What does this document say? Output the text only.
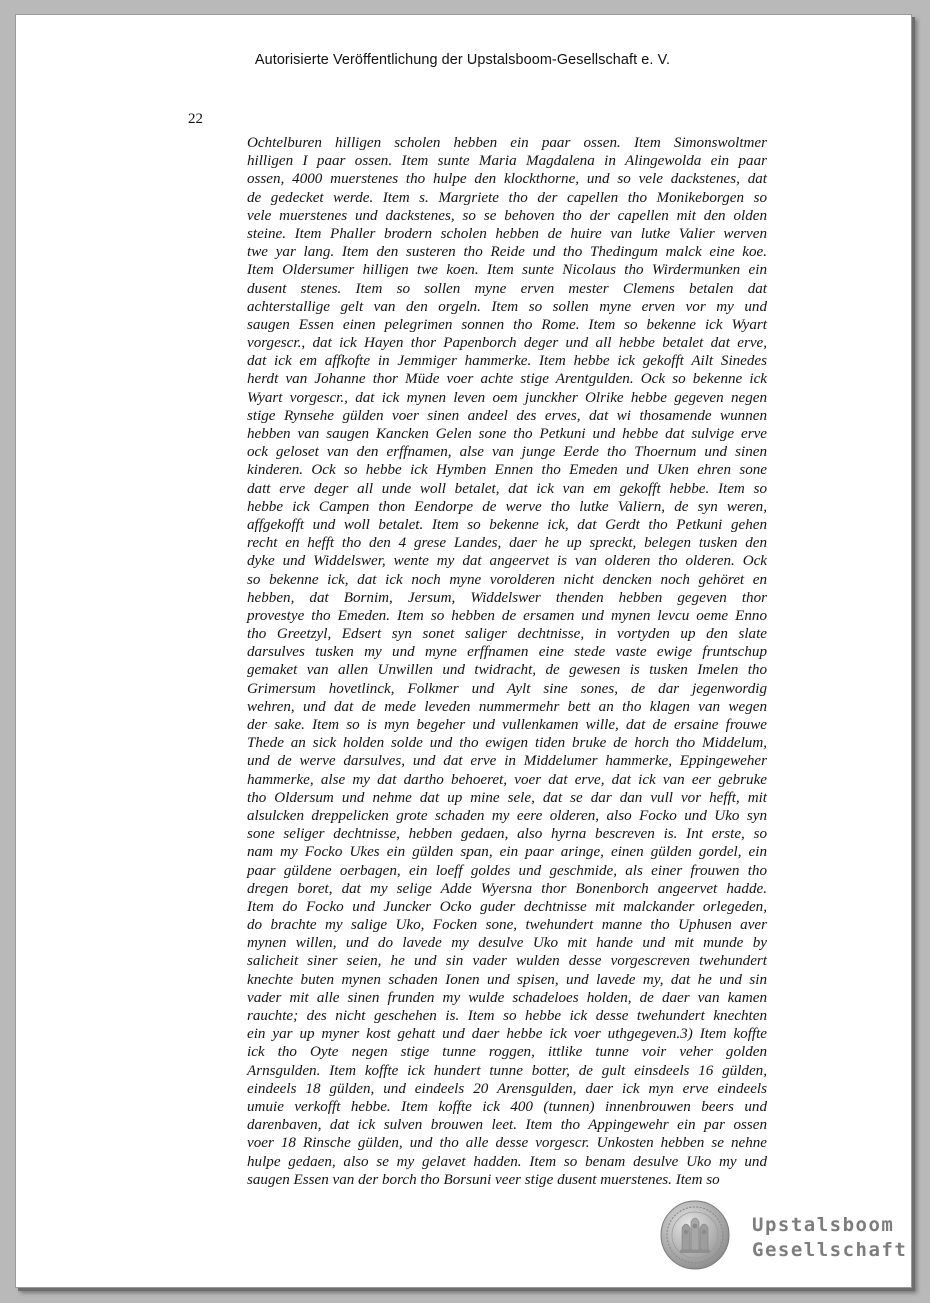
Autorisierte Veröffentlichung der Upstalsboom-Gesellschaft e. V.
22
Ochtelburen hilligen scholen hebben ein paar ossen. Item Simonswoltmer
hilligen I paar ossen. Item sunte Maria Magdalena in Alingewolda ein paar
ossen, 4000 muerstenes tho hulpe den klockthorne, und so vele dackstenes, dat
de gedecket werde. Item s. Margriete tho der capellen tho Monikeborgen so
vele muerstenes und dackstenes, so se behoven tho der capellen mit den olden
steine. Item Phaller brodern scholen hebben de huire van lutke Valier werven
twe yar lang. Item den susteren tho Reide und tho Thedingum malck eine koe.
Item Oldersumer hilligen twe koen. Item sunte Nicolaus tho Wirdermunken ein
dusent stenes. Item so sollen myne erven mester Clemens betalen dat
achterstallige gelt van den orgeln. Item so sollen myne erven vor my und
saugen Essen einen pelegrimen sonnen tho Rome. Item so bekenne ick Wyart
vorgescr., dat ick Hayen thor Papenborch deger und all hebbe betalet dat erve,
dat ick em affkofte in Jemmiger hammerke. Item hebbe ick gekofft Ailt Sinedes
herdt van Johanne thor Müde voer achte stige Arentgulden. Ock so bekenne ick
Wyart vorgescr., dat ick mynen leven oem junckher Olrike hebbe gegeven negen
stige Rynsehe gülden voer sinen andeel des erves, dat wi thosamende wunnen
hebben van saugen Kancken Gelen sone tho Petkuni und hebbe dat sulvige erve
ock geloset van den erffnamen, alse van junge Eerde tho Thoernum und sinen
kinderen. Ock so hebbe ick Hymben Ennen tho Emeden und Uken ehren sone
datt erve deger all unde woll betalet, dat ick van em gekofft hebbe. Item so
hebbe ick Campen thon Eendorpe de werve tho lutke Valiern, de syn weren,
affgekofft und woll betalet. Item so bekenne ick, dat Gerdt tho Petkuni gehen
recht en hefft tho den 4 grese Landes, daer he up spreckt, belegen tusken den
dyke und Widdelswer, wente my dat angeervet is van olderen tho olderen. Ock
so bekenne ick, dat ick noch myne vorolderen nicht dencken noch gehöret en
hebben, dat Bornim, Jersum, Widdelswer thenden hebben gegeven thor
provestye tho Emeden. Item so hebben de ersamen und mynen levcu oeme Enno
tho Greetzyl, Edsert syn sonet saliger dechtnisse, in vortyden up den slate
darsulves tusken my und myne erffnamen eine stede vaste ewige fruntschup
gemaket van allen Unwillen und twidracht, de gewesen is tusken Imelen tho
Grimersum hovetlinck, Folkmer und Aylt sine sones, de dar jegenwordig
wehren, und dat de mede leveden nummermehr bett an tho klagen van wegen
der sake. Item so is myn begeher und vullenkamen wille, dat de ersaine frouwe
Thede an sick holden solde und tho ewigen tiden bruke de horch tho Middelum,
und de werve darsulves, und dat erve in Middelumer hammerke, Eppingeweher
hammerke, alse my dat dartho behoeret, voer dat erve, dat ick van eer gebruke
tho Oldersum und nehme dat up mine sele, dat se dar dan vull vor hefft, mit
alsulcken dreppelicken grote schaden my eere olderen, also Focko und Uko syn
sone seliger dechtnisse, hebben gedaen, also hyrna bescreven is. Int erste, so
nam my Focko Ukes ein gülden span, ein paar aringe, einen gülden gordel, ein
paar güldene oerbagen, ein loeff goldes und geschmide, als einer frouwen tho
dregen boret, dat my selige Adde Wyersna thor Bonenborch angeervet hadde.
Item do Focko und Juncker Ocko guder dechtnisse mit malckander orlegeden,
do brachte my salige Uko, Focken sone, twehundert manne tho Uphusen aver
mynen willen, und do lavede my desulve Uko mit hande und mit munde by
salicheit siner seien, he und sin vader wulden desse vorgescreven twehundert
knechte buten mynen schaden Ionen und spisen, und lavede my, dat he und sin
vader mit alle sinen frunden my wulde schadeloes holden, de daer van kamen
rauchte; des nicht geschehen is. Item so hebbe ick desse twehundert knechten
ein yar up myner kost gehatt und daer hebbe ick voer uthgegeven.3) Item koffte
ick tho Oyte negen stige tunne roggen, ittlike tunne voir veher golden
Arnsgulden. Item koffte ick hundert tunne botter, de gult einsdeels 16 gülden,
eindeels 18 gülden, und eindeels 20 Arensgulden, daer ick myn erve eindeels
umuie verkofft hebbe. Item koffte ick 400 (tunnen) innenbrouwen beers und
darenbaven, dat ick sulven brouwen leet. Item tho Appingewehr ein par ossen
voer 18 Rinsche gülden, und tho alle desse vorgescr. Unkosten hebben se nehne
hulpe gedaen, also se my gelavet hadden. Item so benam desulve Uko my und
saugen Essen van der borch tho Borsuni veer stige dusent muerstenes. Item so
Upstalsboom
Gesellschaft
